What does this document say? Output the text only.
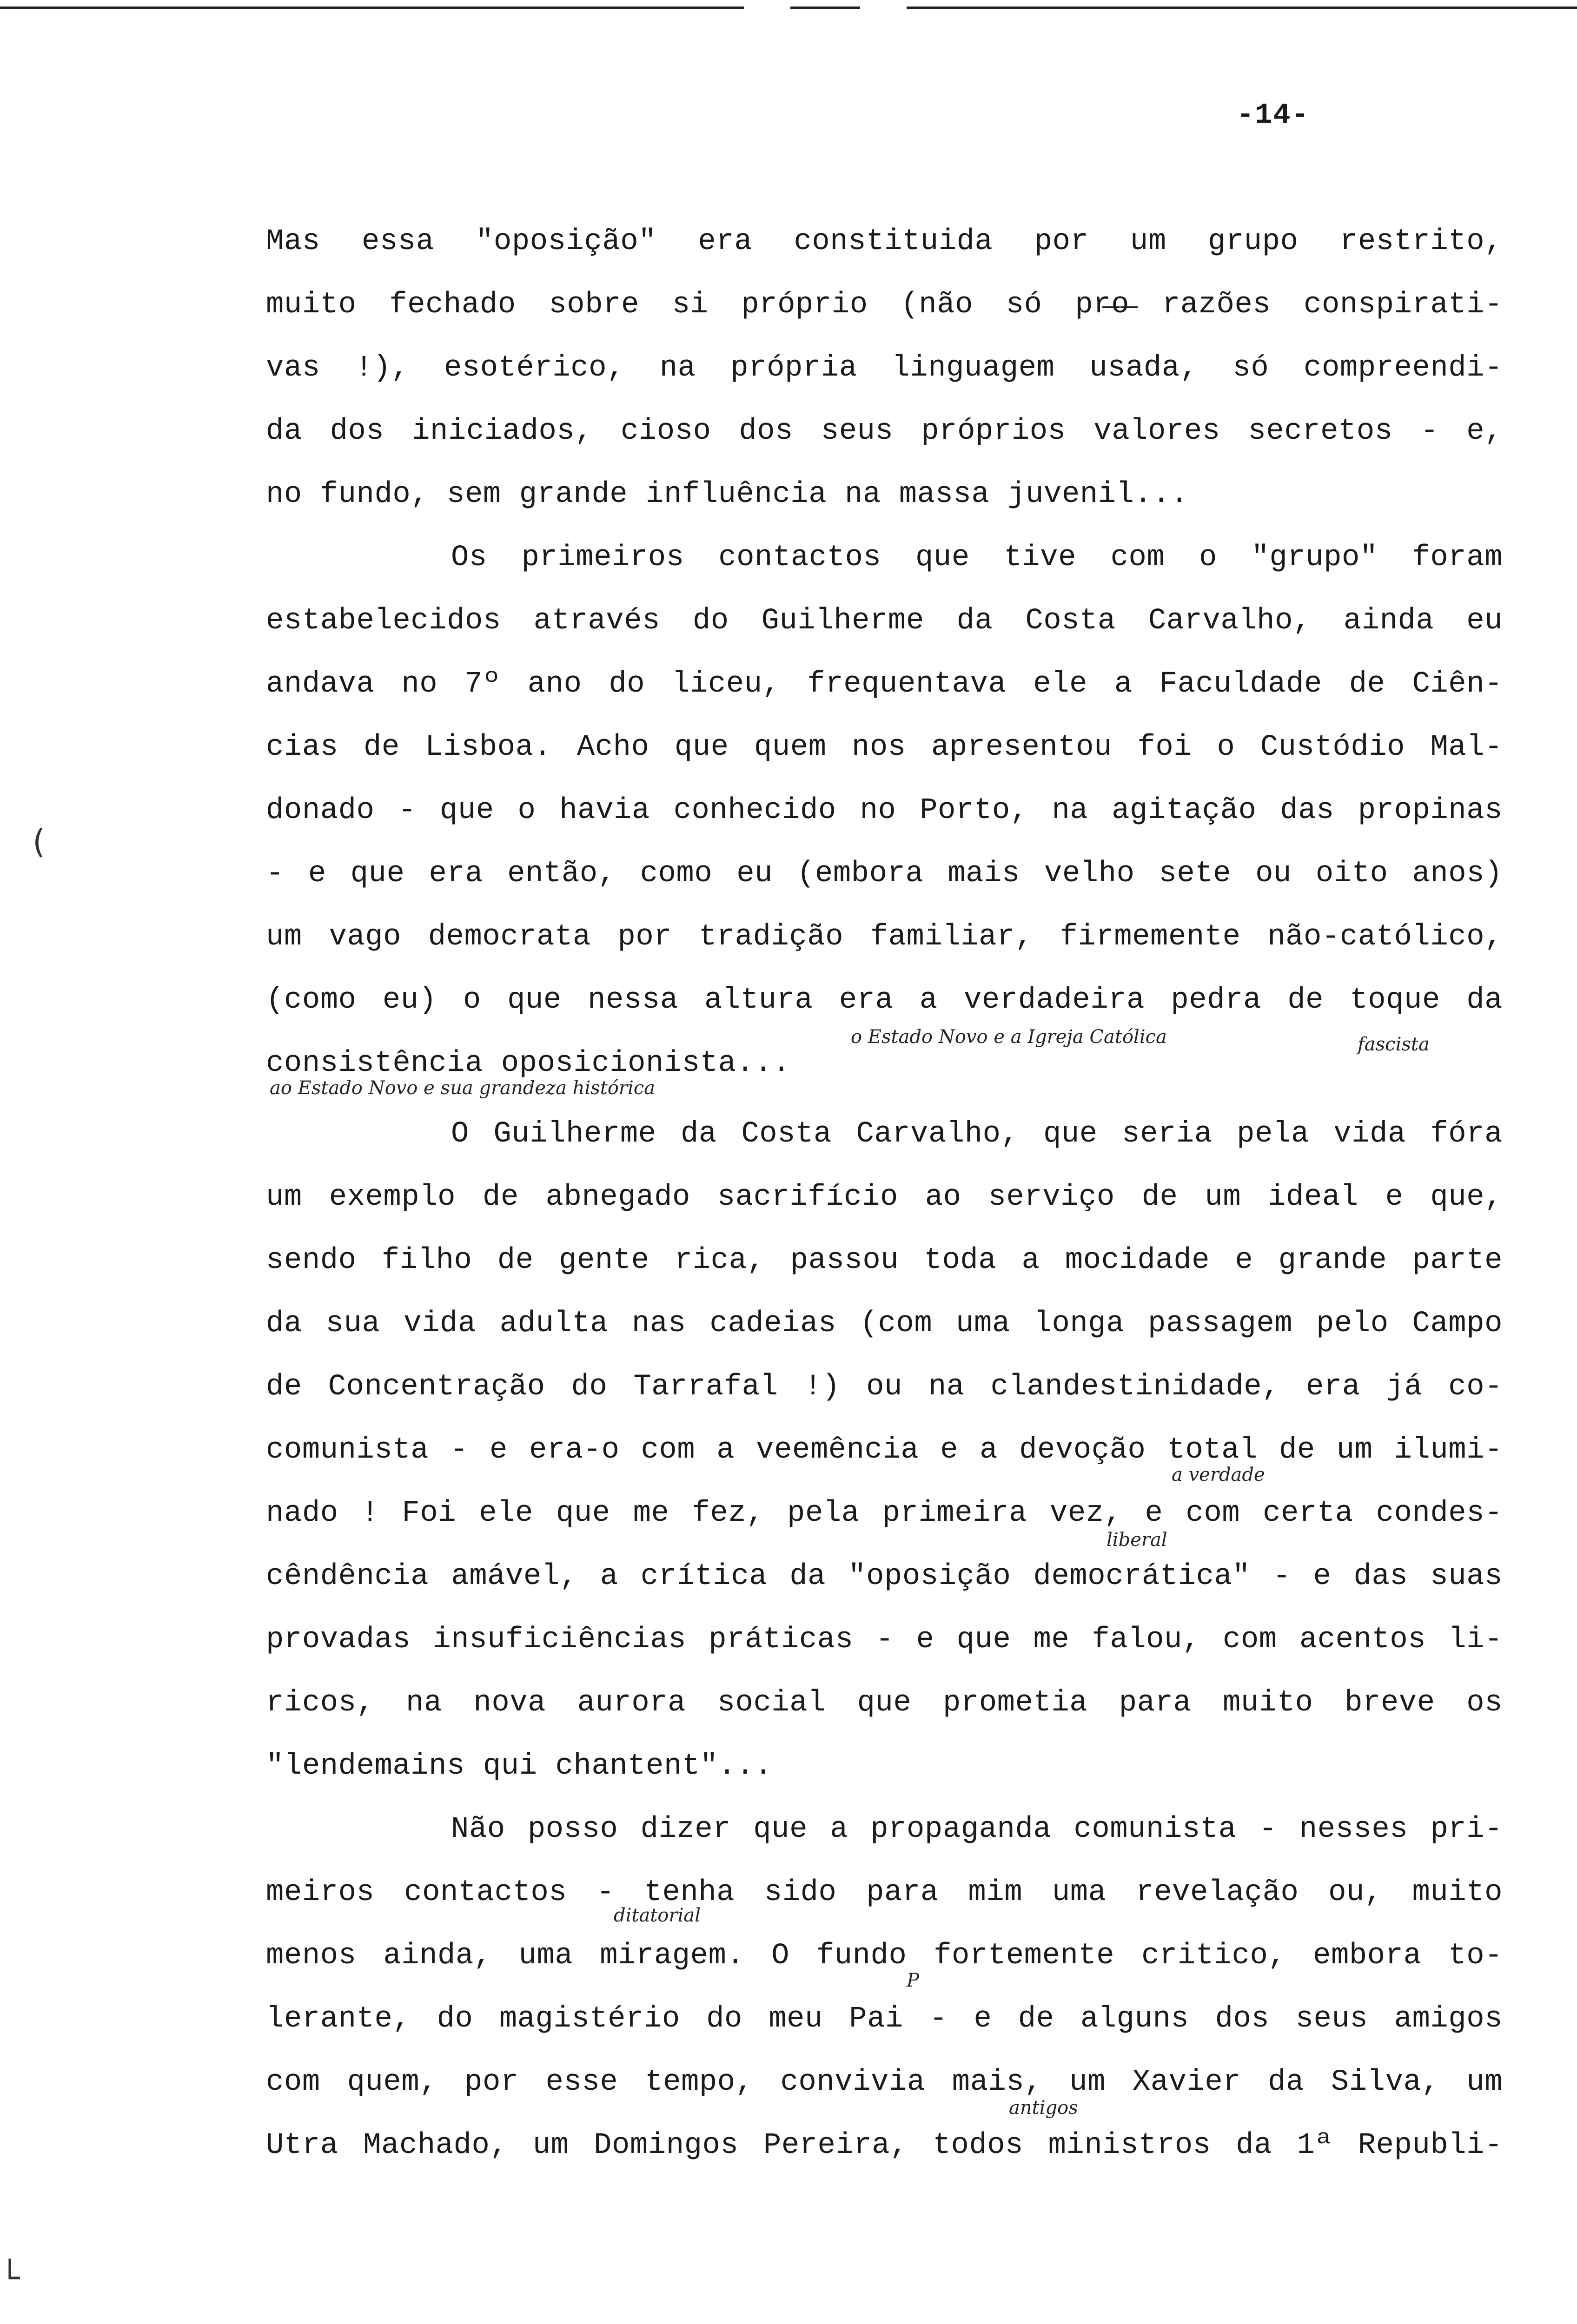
-14-
Mas essa "oposição" era constituida por um grupo restrito,
muito fechado sobre si próprio (não só pr̶o̶ razões conspirati-
vas !), esotérico, na própria linguagem usada, só compreendi-
da dos iniciados, cioso dos seus próprios valores secretos - e,
no fundo, sem grande influência na massa juvenil...
Os primeiros contactos que tive com o "grupo" foram
estabelecidos através do Guilherme da Costa Carvalho, ainda eu
andava no 7º ano do liceu, frequentava ele a Faculdade de Ciên-
cias de Lisboa. Acho que quem nos apresentou foi o Custódio Mal-
donado - que o havia conhecido no Porto, na agitação das propinas
- e que era então, como eu (embora mais velho sete ou oito anos)
um vago democrata por tradição familiar, firmemente não-católico,
(como eu) o que nessa altura era a verdadeira pedra de toque da
consistência oposicionista...
o Estado Novo e a Igreja Católica	fascista
ao Estado Novo e sua grandeza histórica
O Guilherme da Costa Carvalho, que seria pela vida fóra
um exemplo de abnegado sacrifício ao serviço de um ideal e que,
sendo filho de gente rica, passou toda a mocidade e grande parte
da sua vida adulta nas cadeias (com uma longa passagem pelo Campo
de Concentração do Tarrafal !) ou na clandestinidade, era já co-
comunista - e era-o com a veemência e a devoção total de um ilumi-
a verdade
nado ! Foi ele que me fez, pela primeira vez, e com certa condes-
liberal
cêndência amável, a crítica da "oposição democrática" - e das suas
provadas insuficiências práticas - e que me falou, com acentos li-
ricos, na nova aurora social que prometia para muito breve os
"lendemains qui chantent"...
Não posso dizer que a propaganda comunista - nesses pri-
meiros contactos - tenha sido para mim uma revelação ou, muito
ditatorial
menos ainda, uma miragem. O fundo fortemente critico, embora to-
P
lerante, do magistério do meu Pai - e de alguns dos seus amigos
com quem, por esse tempo, convivia mais, um Xavier da Silva, um
antigos
Utra Machado, um Domingos Pereira, todos ministros da 1ª Republi-
(
└
